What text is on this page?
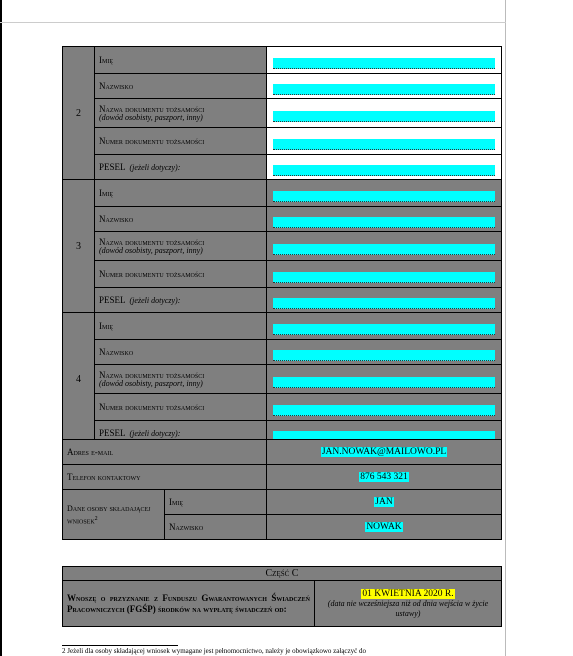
2	Imię	

	Nazwisko	

	Nazwa dokumentu tożsamości
(dowód osobisty, paszport, inny)	

	Numer dokumentu tożsamości	

	PESEL (jeżeli dotyczy):	

3	Imię	

	Nazwisko	

	Nazwa dokumentu tożsamości
(dowód osobisty, paszport, inny)	

	Numer dokumentu tożsamości	

	PESEL (jeżeli dotyczy):	

4	Imię	

	Nazwisko	

	Nazwa dokumentu tożsamości
(dowód osobisty, paszport, inny)	

	Numer dokumentu tożsamości	

	PESEL (jeżeli dotyczy):	
Adres e-mail		JAN.NOWAK@MAILOWO.PL
Telefon kontaktowy		876 543 321
Dane osoby składającej wniosek$^2$	Imię	JAN
	Nazwisko	NOWAK
Część C
Wnoszę o przyznanie z Funduszu Gwarantowanych Świadczeń Pracowniczych (FGŚP) środków na wypłatę świadczeń od:	01 KWIETNIA 2020 R.
(data nie wcześniejsza niż od dnia wejścia w życie ustawy)
2 Jeżeli dla osoby składającej wniosek wymagane jest pełnomocnictwo, należy je obowiązkowo załączyć do
